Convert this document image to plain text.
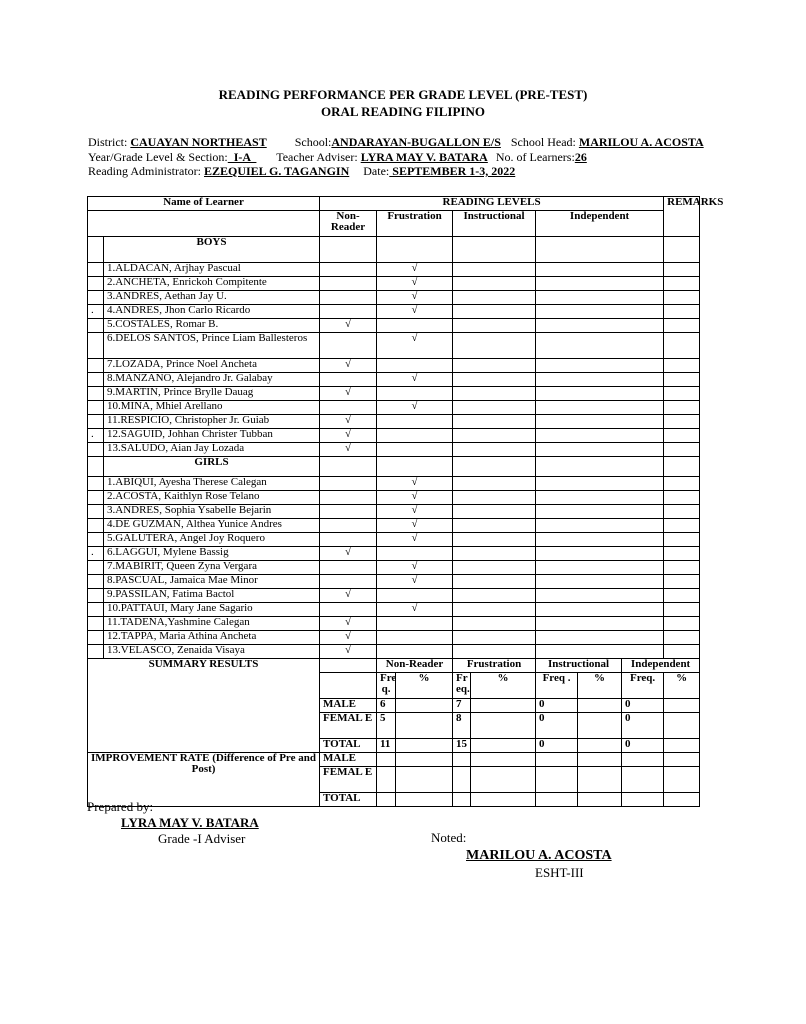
READING PERFORMANCE PER GRADE LEVEL (PRE-TEST)
ORAL READING FILIPINO
District: CAUAYAN NORTHEAST School:ANDARAYAN-BUGALLON E/S School Head: MARILOU A. ACOSTA
Year/Grade Level & Section:  I-A    Teacher Adviser: LYRA MAY V. BATARA No. of Learners:26
Reading Administrator: EZEQUIEL G. TAGANGIN Date: SEPTEMBER 1-3, 2022
Name of Learner		READING LEVELS								REMARKS
		Non-Reader	Frustration		Instructional		Independent			
	BOYS									
	1.ALDACAN, Arjhay Pascual		√							
	2.ANCHETA, Enrickoh Compitente		√							
	3.ANDRES, Aethan Jay U.		√							
.	4.ANDRES, Jhon Carlo Ricardo		√							
	5.COSTALES, Romar B.	√								
	6.DELOS SANTOS, Prince Liam Ballesteros		√							
	7.LOZADA, Prince Noel Ancheta	√								
	8.MANZANO, Alejandro Jr. Galabay		√							
	9.MARTIN, Prince Brylle Dauag	√								
	10.MINA, Mhiel Arellano		√							
	11.RESPICIO, Christopher Jr. Guiab	√								
.	12.SAGUID, Johhan Christer Tubban	√								
	13.SALUDO, Aian Jay Lozada	√								
	GIRLS									
	1.ABIQUI, Ayesha Therese Calegan		√							
	2.ACOSTA, Kaithlyn Rose Telano		√							
	3.ANDRES, Sophia Ysabelle Bejarin		√							
	4.DE GUZMAN, Althea Yunice Andres		√							
	5.GALUTERA, Angel Joy Roquero		√							
.	6.LAGGUI, Mylene Bassig	√								
	7.MABIRIT, Queen Zyna Vergara		√							
	8.PASCUAL, Jamaica Mae Minor		√							
	9.PASSILAN, Fatima Bactol	√								
	10.PATTAUI, Mary Jane Sagario		√							
	11.TADENA,Yashmine Calegan	√								
	12.TAPPA, Maria Athina Ancheta	√								
	13.VELASCO, Zenaida Visaya	√								
SUMMARY RESULTS			Non-Reader		Frustration		Instructional		Independent	
			Fre q.	%	Fr eq.	%	Freq .	%	Freq.	%
		MALE	6		7		0		0	
		FEMAL E	5		8		0		0	
		TOTAL	11		15		0		0	
IMPROVEMENT RATE (Difference of Pre and Post)		MALE								
		FEMAL E								
		TOTAL								
Prepared by:
LYRA MAY V. BATARA
Grade -I Adviser	Noted:
MARILOU A. ACOSTA
ESHT-III
